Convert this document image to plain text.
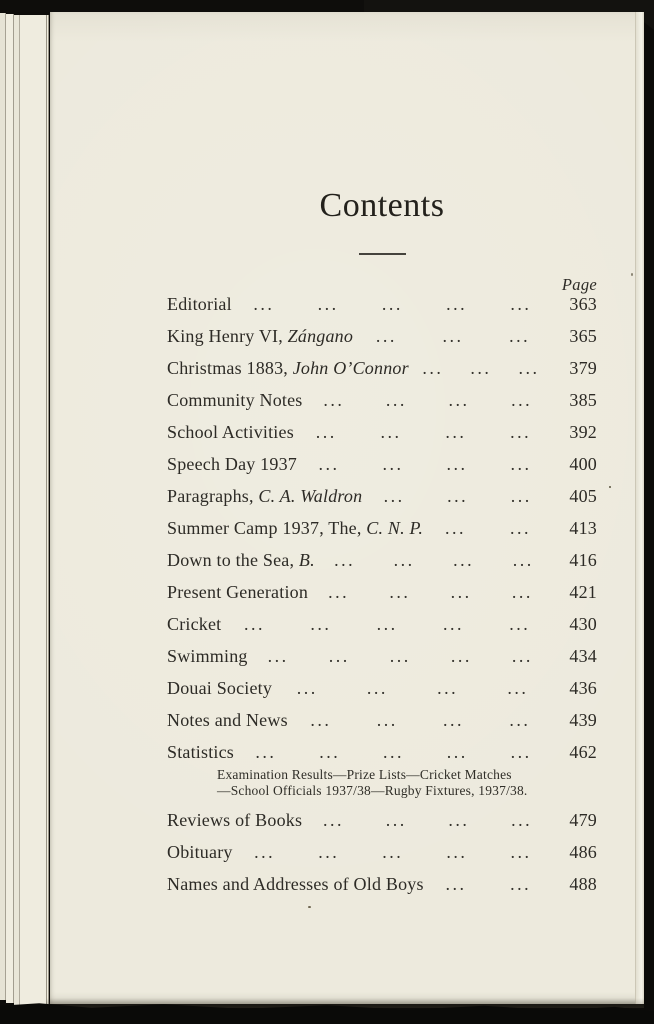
Contents
Page
Editorial ... ... ... ... ...	363
King Henry VI, Zángano ...	...	...	365
Christmas 1883, John O’Connor ... ... ...	379
Community Notes ... ... ... ...	385
School Activities ... ... ... ...	392
Speech Day 1937 ... ... ... ...	400
Paragraphs, C. A. Waldron ... ... ...	405
Summer Camp 1937, The, C. N. P. ... ...	413
Down to the Sea, B. ... ... ... ...	416
Present Generation ... ... ... ...	421
Cricket ...	...	...	...	...	430
Swimming ... ... ... ... ...	434
Douai Society ...	...	...	...	436
Notes and News ...	...	...	...	439
Statistics ... ... ... ... ...	462
Examination Results—Prize Lists—Cricket Matches
—School Officials 1937/38—Rugby Fixtures, 1937/38.
Reviews of Books ... ... ... ...	479
Obituary ... ... ... ... ...	486
Names and Addresses of Old Boys ... ...	488
